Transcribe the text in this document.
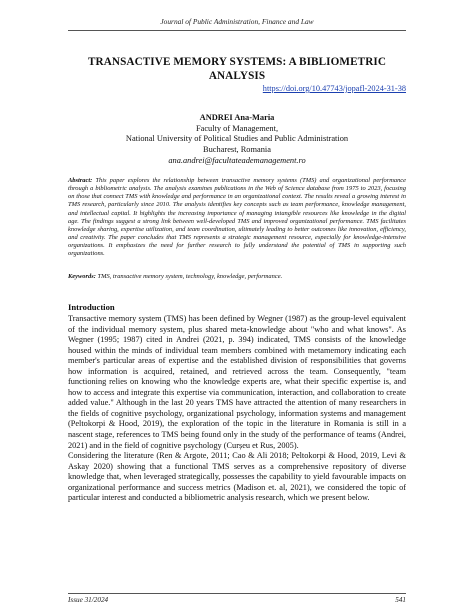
Journal of Public Administration, Finance and Law
TRANSACTIVE MEMORY SYSTEMS: A BIBLIOMETRIC ANALYSIS
https://doi.org/10.47743/jopafl-2024-31-38
ANDREI Ana-Maria
Faculty of Management,
National University of Political Studies and Public Administration
Bucharest, Romania
ana.andrei@facultateademanagement.ro
Abstract: This paper explores the relationship between transactive memory systems (TMS) and organizational performance through a bibliometric analysis. The analysis examines publications in the Web of Science database from 1975 to 2023, focusing on those that connect TMS with knowledge and performance in an organizational context. The results reveal a growing interest in TMS research, particularly since 2010. The analysis identifies key concepts such as team performance, knowledge management, and intellectual capital. It highlights the increasing importance of managing intangible resources like knowledge in the digital age. The findings suggest a strong link between well-developed TMS and improved organizational performance. TMS facilitates knowledge sharing, expertise utilization, and team coordination, ultimately leading to better outcomes like innovation, efficiency, and creativity. The paper concludes that TMS represents a strategic management resource, especially for knowledge-intensive organizations. It emphasizes the need for further research to fully understand the potential of TMS in supporting such organizations.
Keywords: TMS, transactive memory system, technology, knowledge, performance.
Introduction

Transactive memory system (TMS) has been defined by Wegner (1987) as the group-level equivalent of the individual memory system, plus shared meta-knowledge about "who and what knows". As Wegner (1995; 1987) cited in Andrei (2021, p. 394) indicated, TMS consists of the knowledge housed within the minds of individual team members combined with metamemory indicating each member's particular areas of expertise and the established division of responsibilities that governs how information is acquired, retained, and retrieved across the team. Consequently, "team functioning relies on knowing who the knowledge experts are, what their specific expertise is, and how to access and integrate this expertise via communication, interaction, and collaboration to create added value." Although in the last 20 years TMS have attracted the attention of many researchers in the fields of cognitive psychology, organizational psychology, information systems and management (Peltokorpi & Hood, 2019), the exploration of the topic in the literature in Romania is still in a nascent stage, references to TMS being found only in the study of the performance of teams (Andrei, 2021) and in the field of cognitive psychology (Curșeu et Rus, 2005).

Considering the literature (Ren & Argote, 2011; Cao & Ali 2018; Peltokorpi & Hood, 2019, Levi & Askay 2020) showing that a functional TMS serves as a comprehensive repository of diverse knowledge that, when leveraged strategically, possesses the capability to yield favourable impacts on organizational performance and success metrics (Madison et. al, 2021), we considered the topic of particular interest and conducted a bibliometric analysis research, which we present below.

Issue 31/2024	541
